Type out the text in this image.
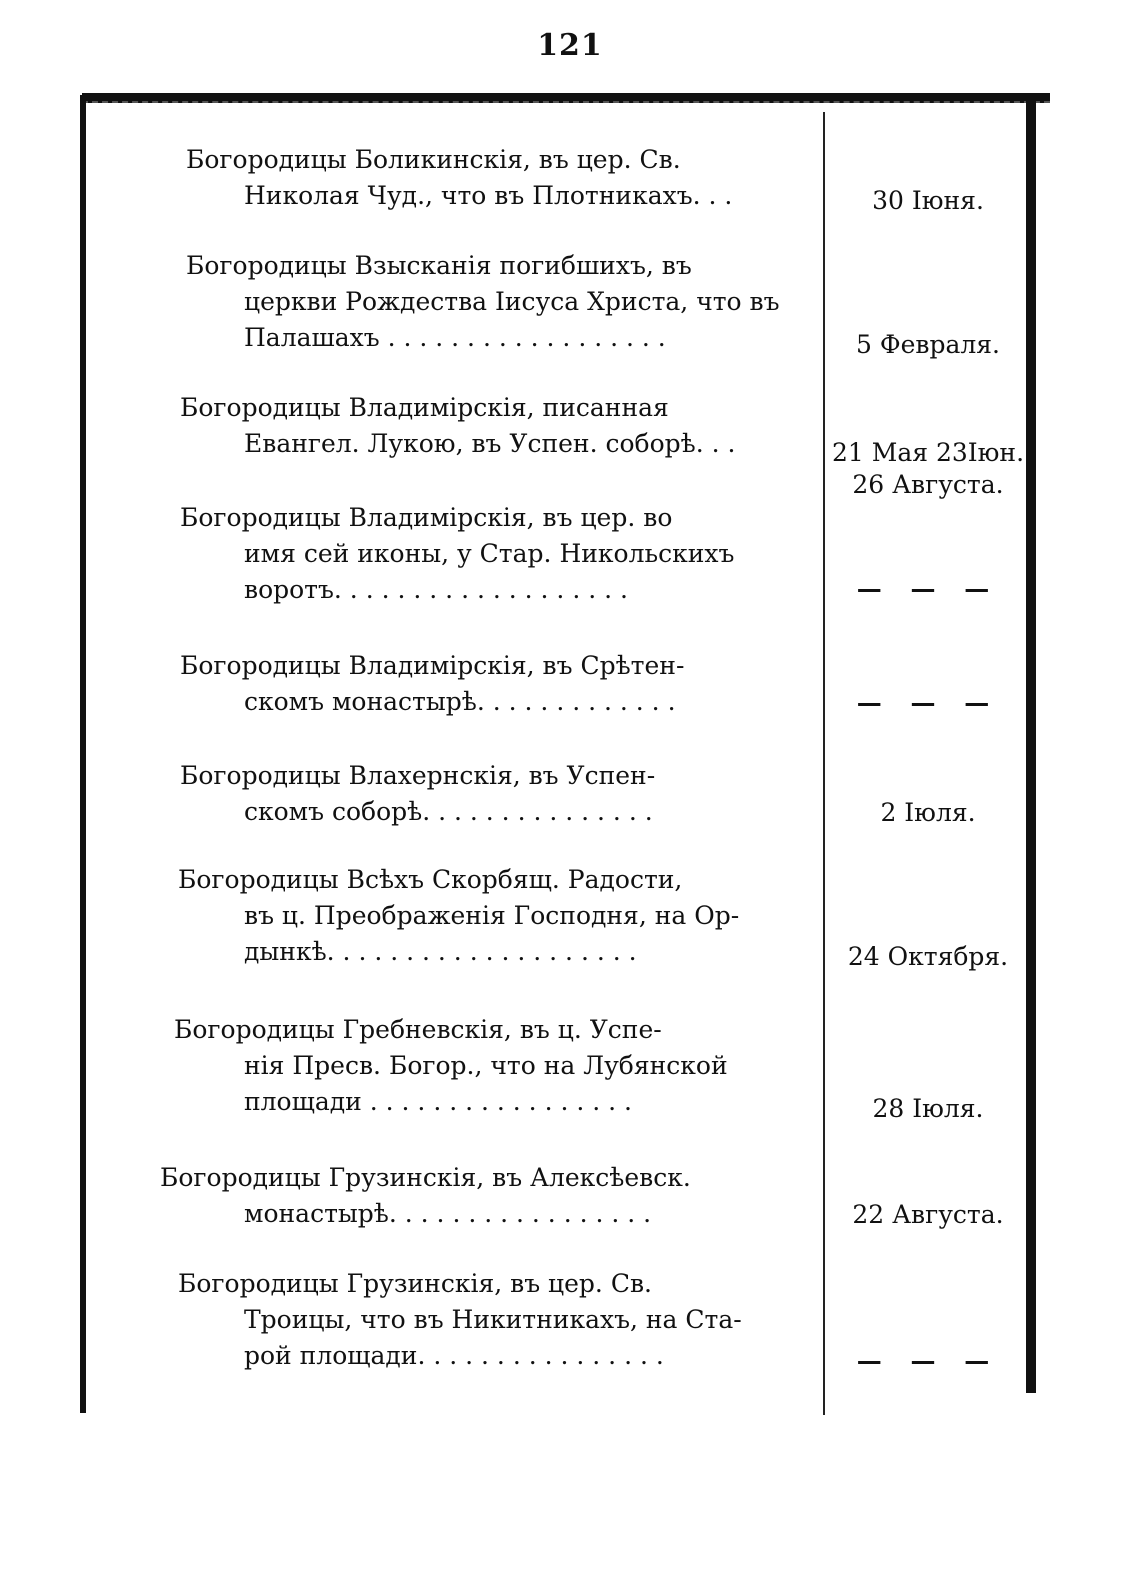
121
Богородицы Боликинскія, въ цер. Св.
Николая Чуд., что въ Плотникахъ. . .	30 Іюня.
Богородицы Взысканія погибшихъ, въ
церкви Рождества Іисуса Христа, что въ
Палашахъ . . . . . . . . . . . . . . . . . .	5 Февраля.
Богородицы Владимірскія, писанная
Евангел. Лукою, въ Успен. соборѣ. . .	21 Мая 23Іюн.
26 Августа.
Богородицы Владимірскія, въ цер. во
имя сей иконы, у Стар. Никольскихъ
воротъ. . . . . . . . . . . . . . . . . . .	— — —
Богородицы Владимірскія, въ Срѣтен-
скомъ монастырѣ. . . . . . . . . . . . .	— — —
Богородицы Влахернскія, въ Успен-
скомъ соборѣ. . . . . . . . . . . . . . .	2 Іюля.
Богородицы Всѣхъ Скорбящ. Радости,
въ ц. Преображенія Господня, на Ор-
дынкѣ. . . . . . . . . . . . . . . . . . . .	24 Октября.
Богородицы Гребневскія, въ ц. Успе-
нія Пресв. Богор., что на Лубянской
площади . . . . . . . . . . . . . . . . .	28 Іюля.
Богородицы Грузинскія, въ Алексѣевск.
монастырѣ. . . . . . . . . . . . . . . . .	22 Августа.
Богородицы Грузинскія, въ цер. Св.
Троицы, что въ Никитникахъ, на Ста-
рой площади. . . . . . . . . . . . . . . .	— — —
